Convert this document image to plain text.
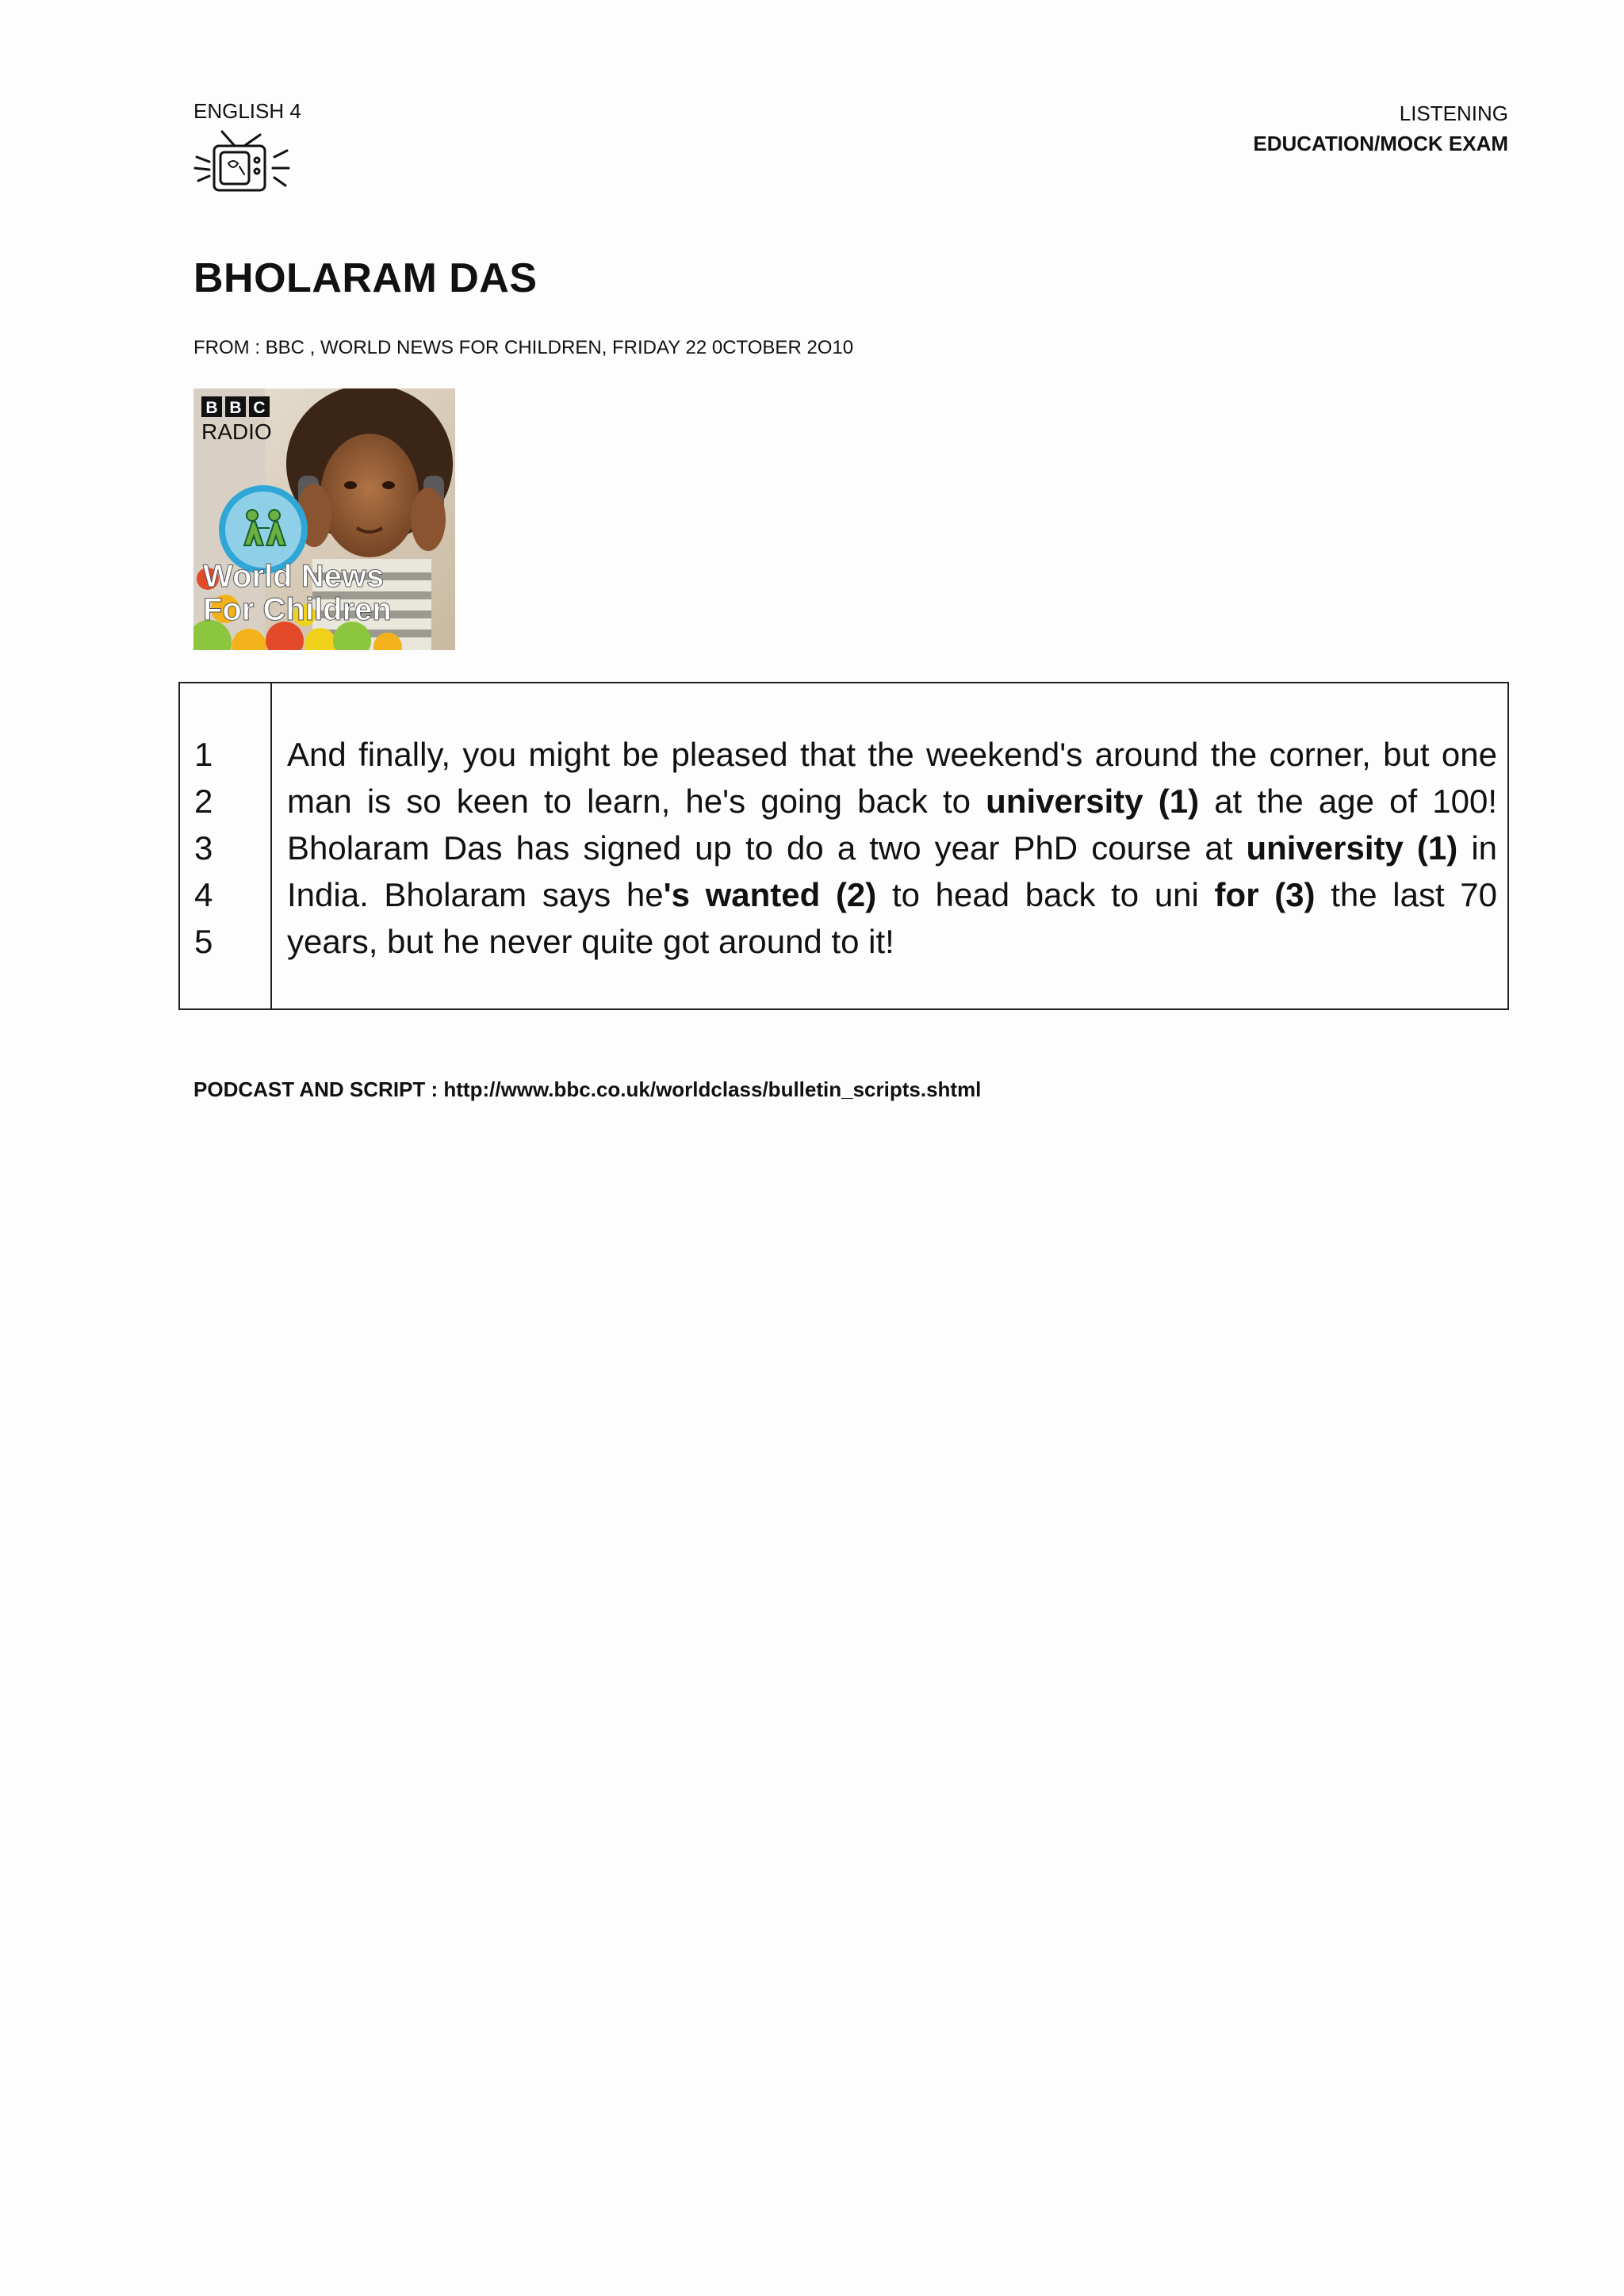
ENGLISH 4	LISTENING
EDUCATION/MOCK EXAM
BHOLARAM DAS
FROM : BBC , WORLD NEWS FOR CHILDREN, FRIDAY 22 0CTOBER 2O10
B B C
RADIO
World News
For Children
1
2
3
4
5
And finally, you might be pleased that the weekend's around the corner, but one man is so keen to learn, he's going back to university (1) at the age of 100! Bholaram Das has signed up to do a two year PhD course at university (1) in India. Bholaram says he's wanted (2) to head back to uni for (3) the last 70 years, but he never quite got around to it!
PODCAST AND SCRIPT : http://www.bbc.co.uk/worldclass/bulletin_scripts.shtml
